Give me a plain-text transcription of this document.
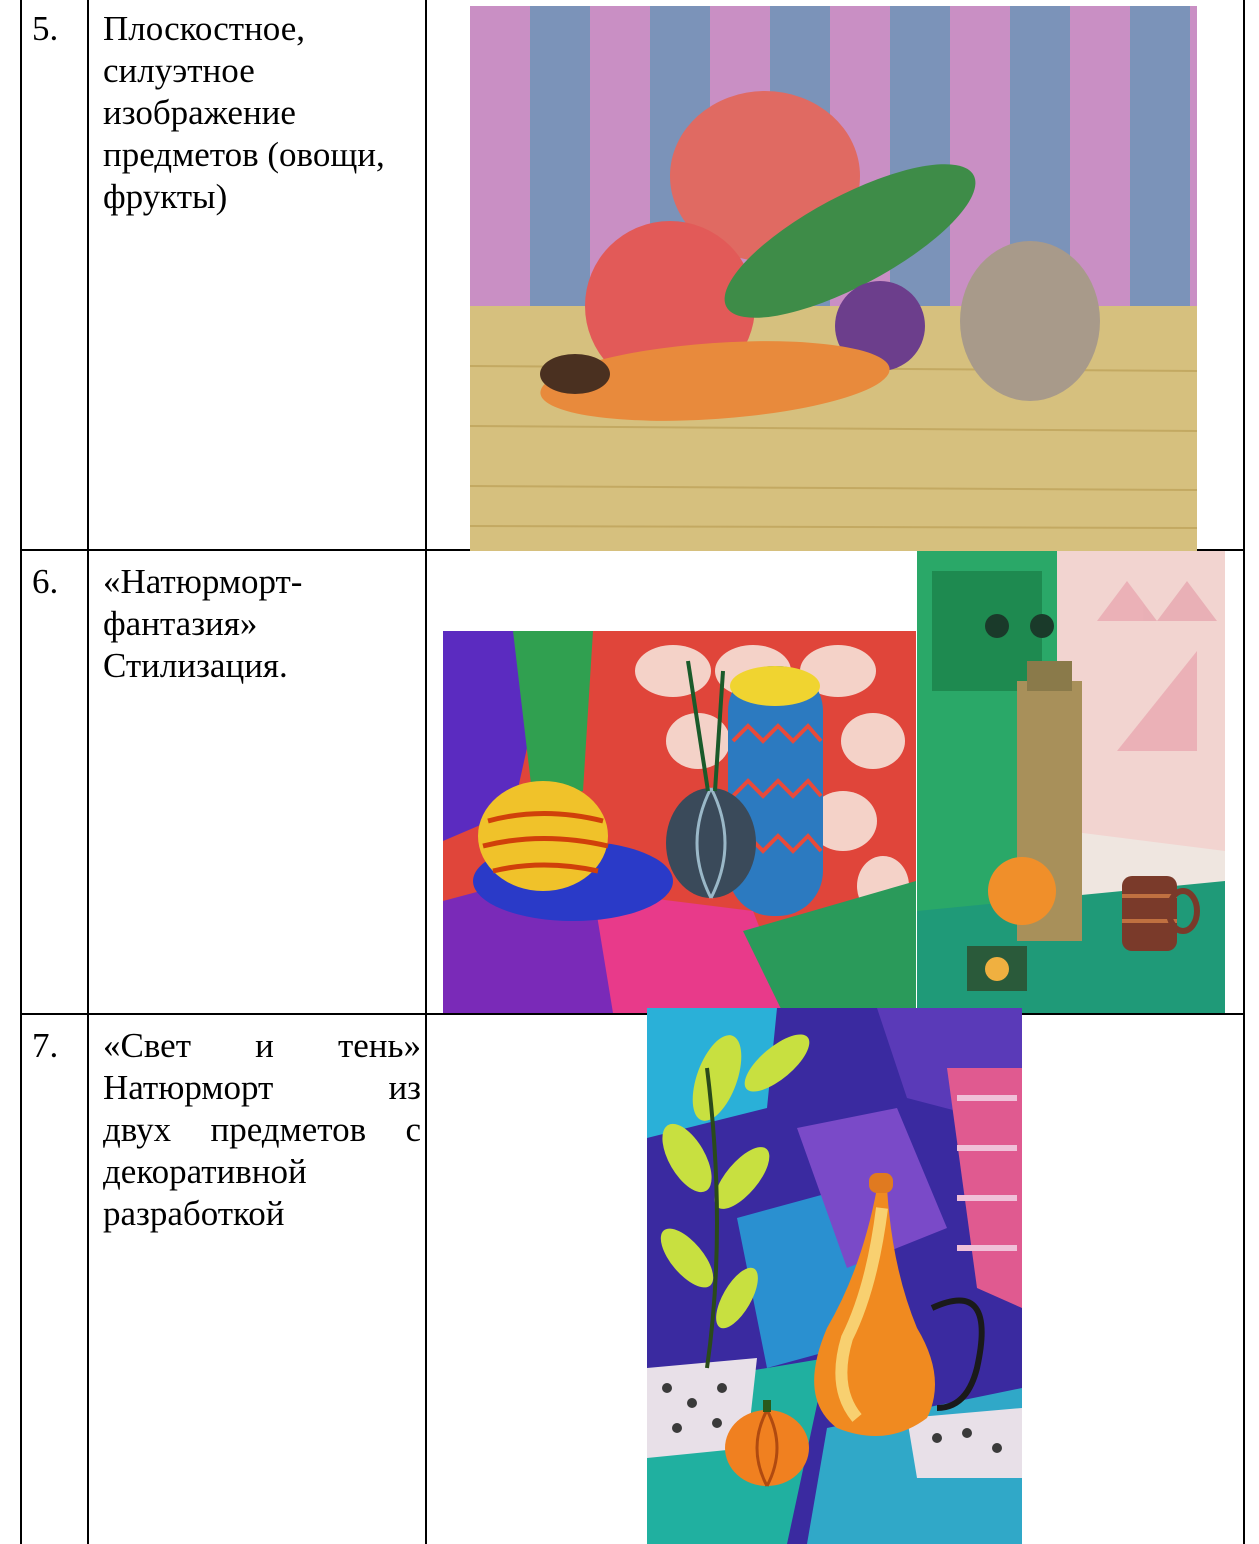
5. Плоскостное,
силуэтное
изображение
предметов (овощи,
фрукты)
6. «Натюрморт-
фантазия»
Стилизация.
7. «Свет и тень»
Натюрморт из
двух предметов с
декоративной
разработкой
